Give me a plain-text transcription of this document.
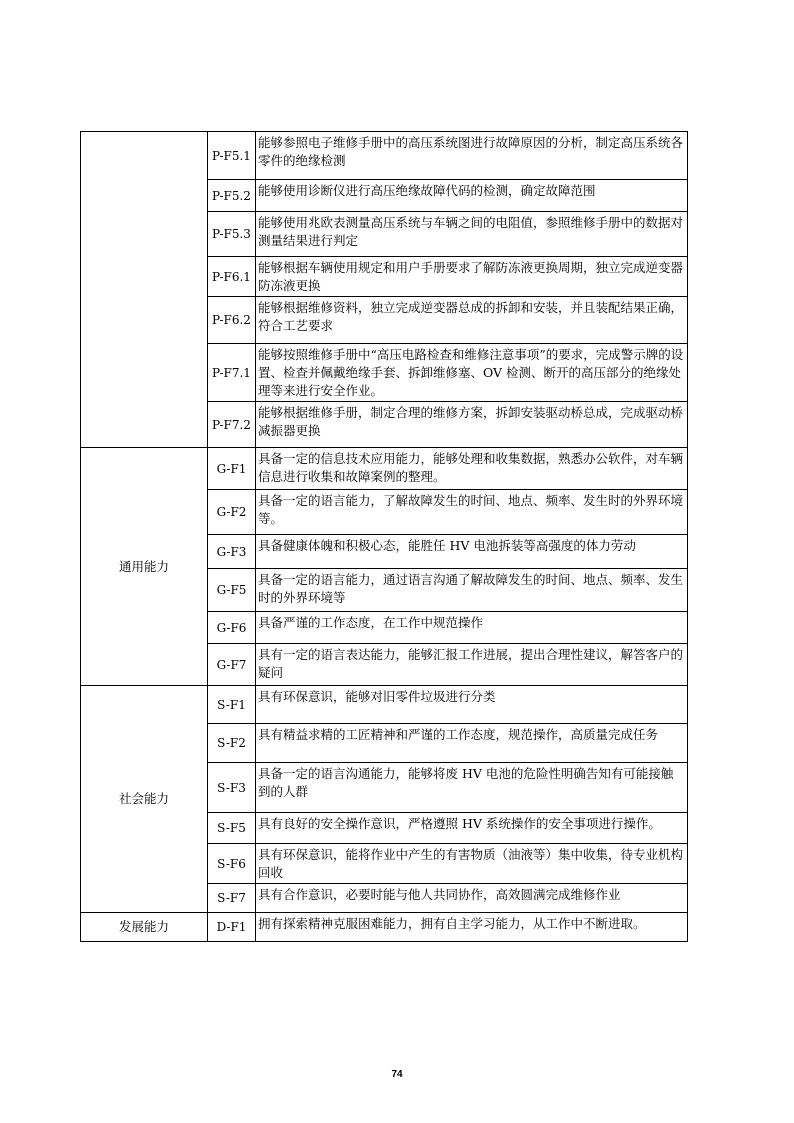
	P-F5.1	能够参照电子维修手册中的高压系统图进行故障原因的分析，制定高压系统各零件的绝缘检测
	P-F5.2	能够使用诊断仪进行高压绝缘故障代码的检测，确定故障范围
	P-F5.3	能够使用兆欧表测量高压系统与车辆之间的电阻值，参照维修手册中的数据对测量结果进行判定
	P-F6.1	能够根据车辆使用规定和用户手册要求了解防冻液更换周期，独立完成逆变器防冻液更换
	P-F6.2	能够根据维修资料，独立完成逆变器总成的拆卸和安装，并且装配结果正确，符合工艺要求
	P-F7.1	能够按照维修手册中“高压电路检查和维修注意事项”的要求，完成警示牌的设置、检查并佩戴绝缘手套、拆卸维修塞、OV 检测、断开的高压部分的绝缘处理等来进行安全作业。
	P-F7.2	能够根据维修手册，制定合理的维修方案，拆卸安装驱动桥总成，完成驱动桥减振器更换
通用能力	G-F1	具备一定的信息技术应用能力，能够处理和收集数据，熟悉办公软件，对车辆信息进行收集和故障案例的整理。
	G-F2	具备一定的语言能力，了解故障发生的时间、地点、频率、发生时的外界环境等。
	G-F3	具备健康体魄和积极心态，能胜任 HV 电池拆装等高强度的体力劳动
	G-F5	具备一定的语言能力，通过语言沟通了解故障发生的时间、地点、频率、发生时的外界环境等
	G-F6	具备严谨的工作态度，在工作中规范操作
	G-F7	具有一定的语言表达能力，能够汇报工作进展，提出合理性建议，解答客户的疑问
社会能力	S-F1	具有环保意识，能够对旧零件垃圾进行分类
	S-F2	具有精益求精的工匠精神和严谨的工作态度，规范操作，高质量完成任务
	S-F3	具备一定的语言沟通能力，能够将废 HV 电池的危险性明确告知有可能接触到的人群
	S-F5	具有良好的安全操作意识，严格遵照 HV 系统操作的安全事项进行操作。
	S-F6	具有环保意识，能将作业中产生的有害物质（油液等）集中收集，待专业机构回收
	S-F7	具有合作意识，必要时能与他人共同协作，高效圆满完成维修作业
发展能力	D-F1	拥有探索精神克服困难能力，拥有自主学习能力，从工作中不断进取。
74
